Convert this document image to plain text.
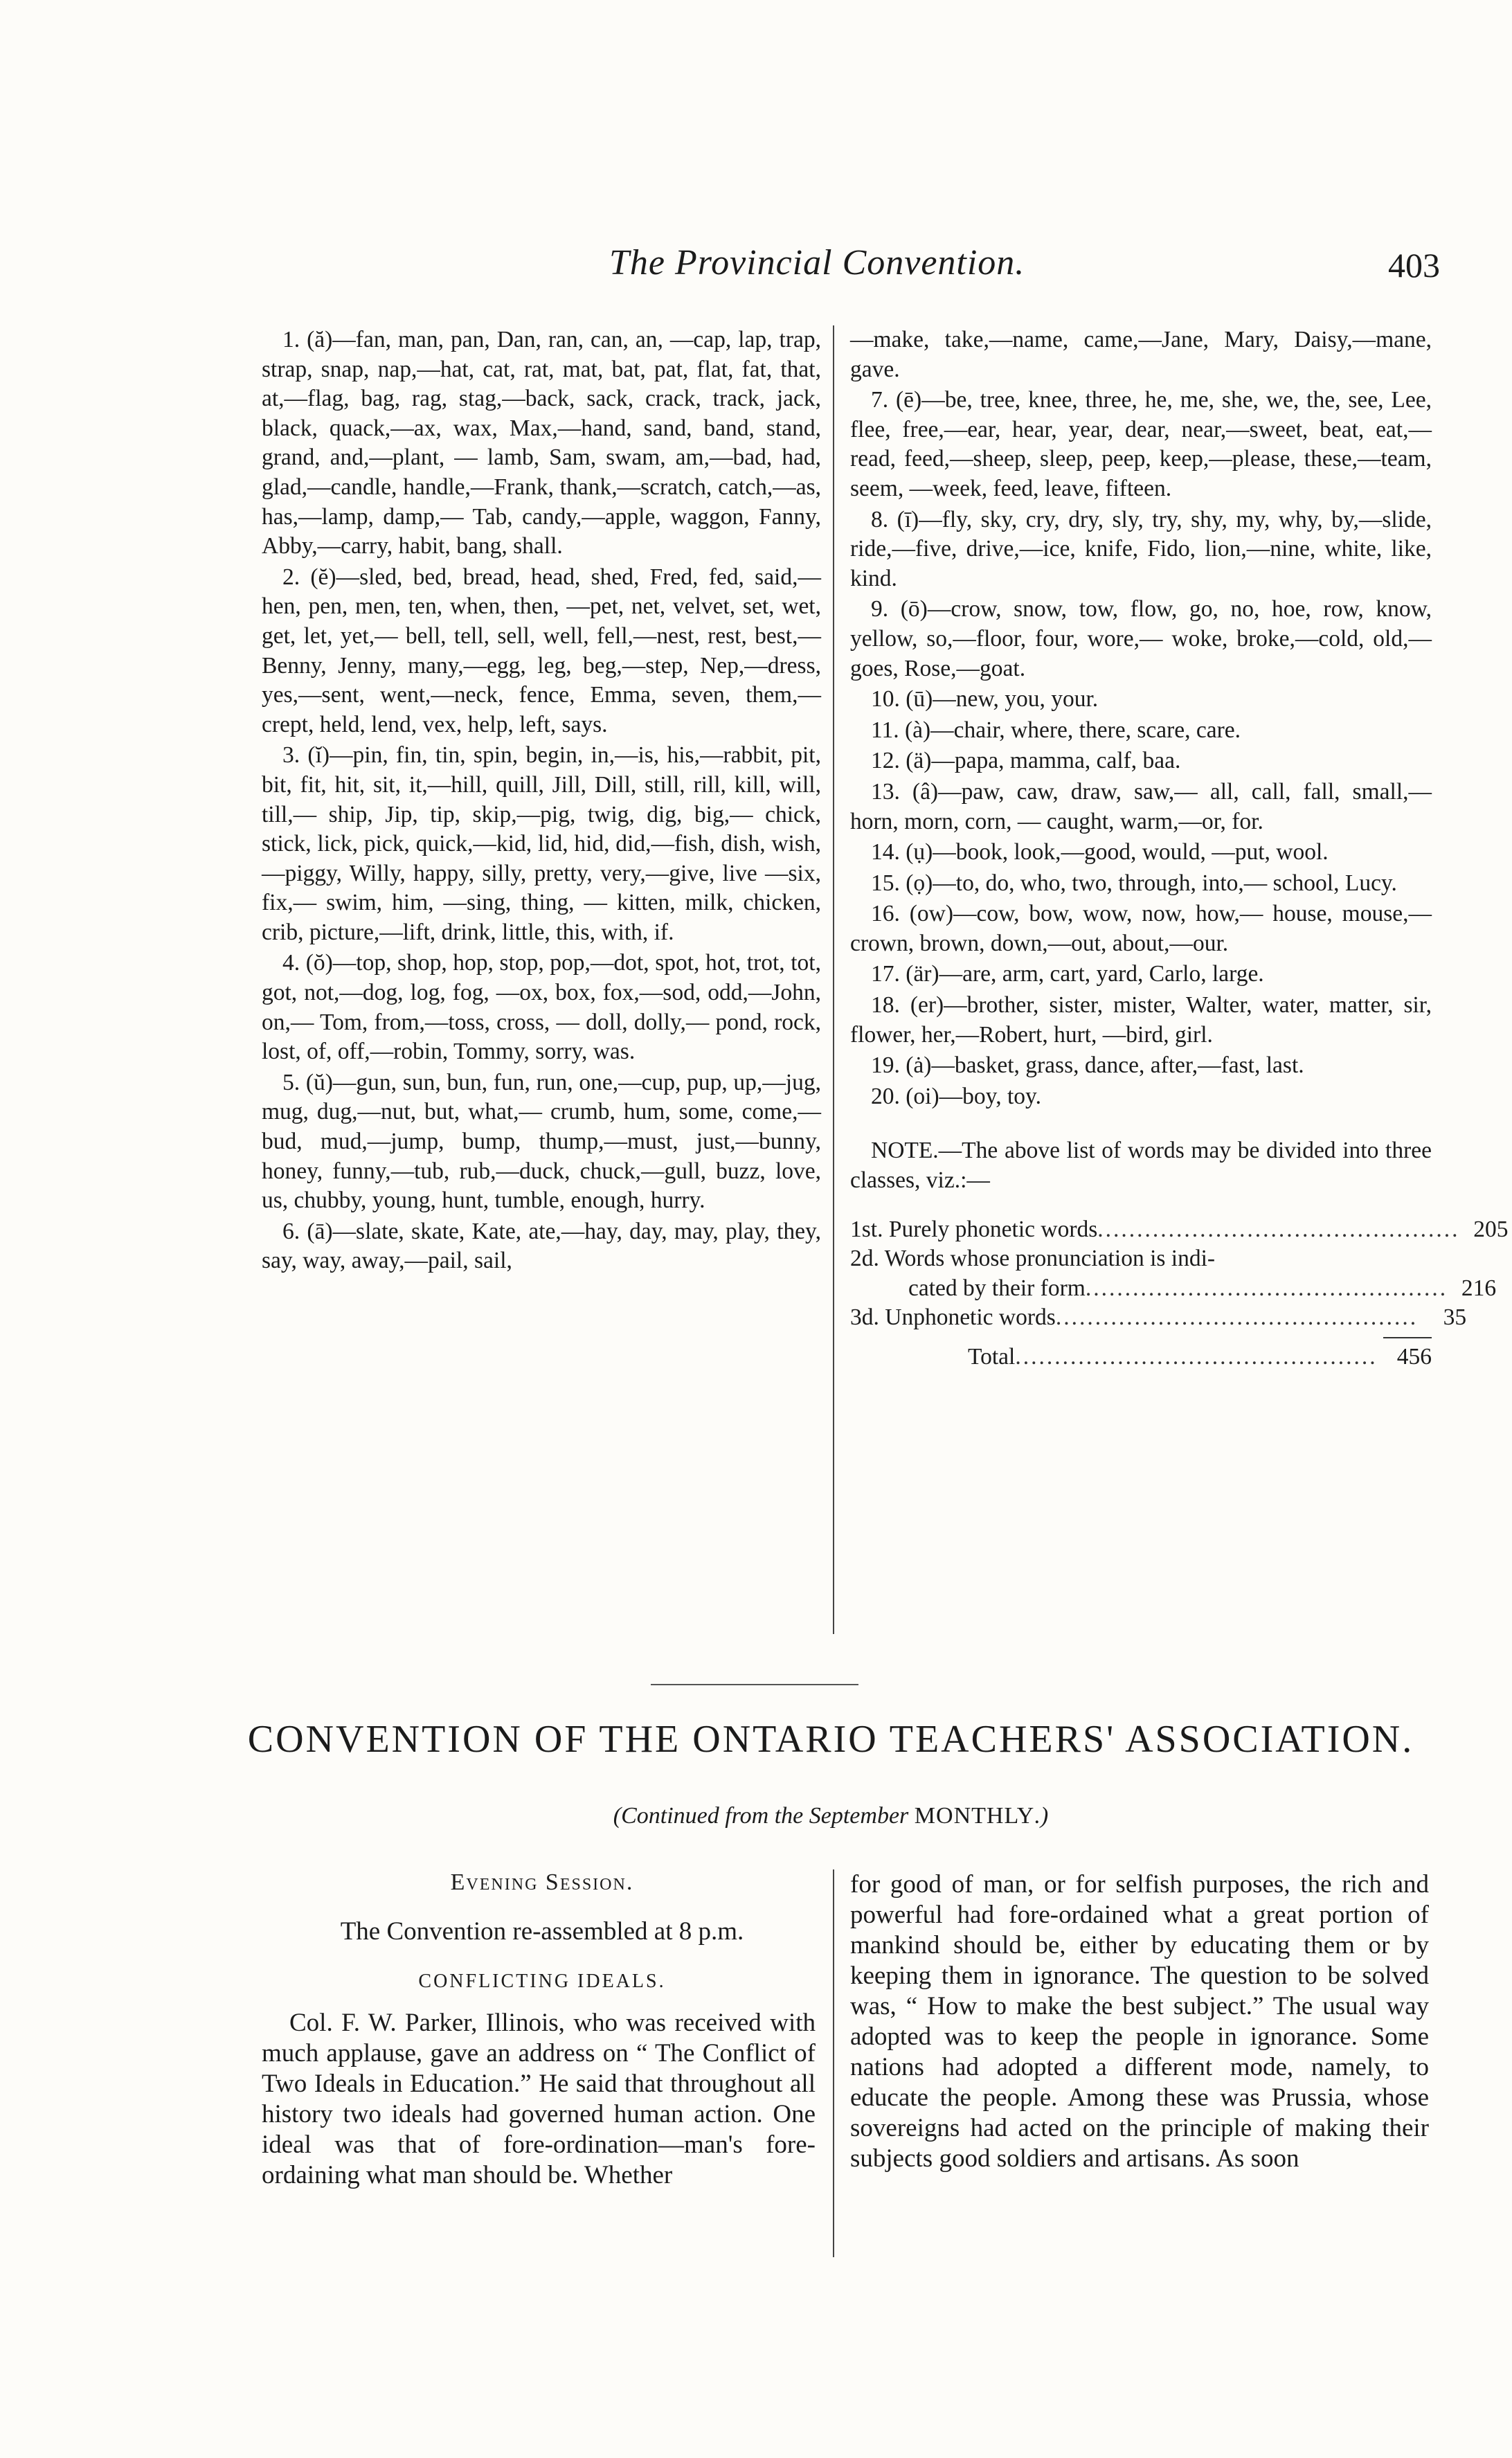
The Provincial Convention.	403

1. (ă)—fan, man, pan, Dan, ran, can, an, —cap, lap, trap, strap, snap, nap,—hat, cat, rat, mat, bat, pat, flat, fat, that, at,—flag, bag, rag, stag,—back, sack, crack, track, jack, black, quack,—ax, wax, Max,—hand, sand, band, stand, grand, and,—plant, — lamb, Sam, swam, am,—bad, had, glad,—candle, handle,—Frank, thank,—scratch, catch,—as, has,—lamp, damp,— Tab, candy,—apple, waggon, Fanny, Abby,—carry, habit, bang, shall.

2. (ĕ)—sled, bed, bread, head, shed, Fred, fed, said,—hen, pen, men, ten, when, then, —pet, net, velvet, set, wet, get, let, yet,— bell, tell, sell, well, fell,—nest, rest, best,— Benny, Jenny, many,—egg, leg, beg,—step, Nep,—dress, yes,—sent, went,—neck, fence, Emma, seven, them,—crept, held, lend, vex, help, left, says.

3. (ĭ)—pin, fin, tin, spin, begin, in,—is, his,—rabbit, pit, bit, fit, hit, sit, it,—hill, quill, Jill, Dill, still, rill, kill, will, till,— ship, Jip, tip, skip,—pig, twig, dig, big,— chick, stick, lick, pick, quick,—kid, lid, hid, did,—fish, dish, wish,—piggy, Willy, happy, silly, pretty, very,—give, live —six, fix,— swim, him, —sing, thing, — kitten, milk, chicken, crib, picture,—lift, drink, little, this, with, if.

4. (ŏ)—top, shop, hop, stop, pop,—dot, spot, hot, trot, tot, got, not,—dog, log, fog, —ox, box, fox,—sod, odd,—John, on,— Tom, from,—toss, cross, — doll, dolly,— pond, rock, lost, of, off,—robin, Tommy, sorry, was.

5. (ŭ)—gun, sun, bun, fun, run, one,—cup, pup, up,—jug, mug, dug,—nut, but, what,— crumb, hum, some, come,—bud, mud,—jump, bump, thump,—must, just,—bunny, honey, funny,—tub, rub,—duck, chuck,—gull, buzz, love, us, chubby, young, hunt, tumble, enough, hurry.

6. (ā)—slate, skate, Kate, ate,—hay, day, may, play, they, say, way, away,—pail, sail,

—make, take,—name, came,—Jane, Mary, Daisy,—mane, gave.

7. (ē)—be, tree, knee, three, he, me, she, we, the, see, Lee, flee, free,—ear, hear, year, dear, near,—sweet, beat, eat,—read, feed,—sheep, sleep, peep, keep,—please, these,—team, seem, —week, feed, leave, fifteen.

8. (ī)—fly, sky, cry, dry, sly, try, shy, my, why, by,—slide, ride,—five, drive,—ice, knife, Fido, lion,—nine, white, like, kind.

9. (ō)—crow, snow, tow, flow, go, no, hoe, row, know, yellow, so,—floor, four, wore,— woke, broke,—cold, old,—goes, Rose,—goat.

10. (ū)—new, you, your.

11. (à)—chair, where, there, scare, care.

12. (ä)—papa, mamma, calf, baa.

13. (â)—paw, caw, draw, saw,— all, call, fall, small,— horn, morn, corn, — caught, warm,—or, for.

14. (ụ)—book, look,—good, would, —put, wool.

15. (ọ)—to, do, who, two, through, into,— school, Lucy.

16. (ow)—cow, bow, wow, now, how,— house, mouse,—crown, brown, down,—out, about,—our.

17. (är)—are, arm, cart, yard, Carlo, large.

18. (er)—brother, sister, mister, Walter, water, matter, sir, flower, her,—Robert, hurt, —bird, girl.

19. (ȧ)—basket, grass, dance, after,—fast, last.

20. (oi)—boy, toy.

NOTE.—The above list of words may be divided into three classes, viz.:—

1st. Purely phonetic words .............................................. 205
2d. Words whose pronunciation is indi-
cated by their form .............................................. 216
3d. Unphonetic words ..............................................	35
Total .............................................. 456
CONVENTION OF THE ONTARIO TEACHERS' ASSOCIATION.
(Continued from the September MONTHLY.)
Evening Session.
The Convention re-assembled at 8 p.m.
CONFLICTING IDEALS.

Col. F. W. Parker, Illinois, who was received with much applause, gave an address on “ The Conflict of Two Ideals in Education.” He said that throughout all history two ideals had governed human action. One ideal was that of fore-ordination—man's fore-ordaining what man should be. Whether

for good of man, or for selfish purposes, the rich and powerful had fore-ordained what a great portion of mankind should be, either by educating them or by keeping them in ignorance. The question to be solved was, “ How to make the best subject.” The usual way adopted was to keep the people in ignorance. Some nations had adopted a different mode, namely, to educate the people. Among these was Prussia, whose sovereigns had acted on the principle of making their subjects good soldiers and artisans. As soon
